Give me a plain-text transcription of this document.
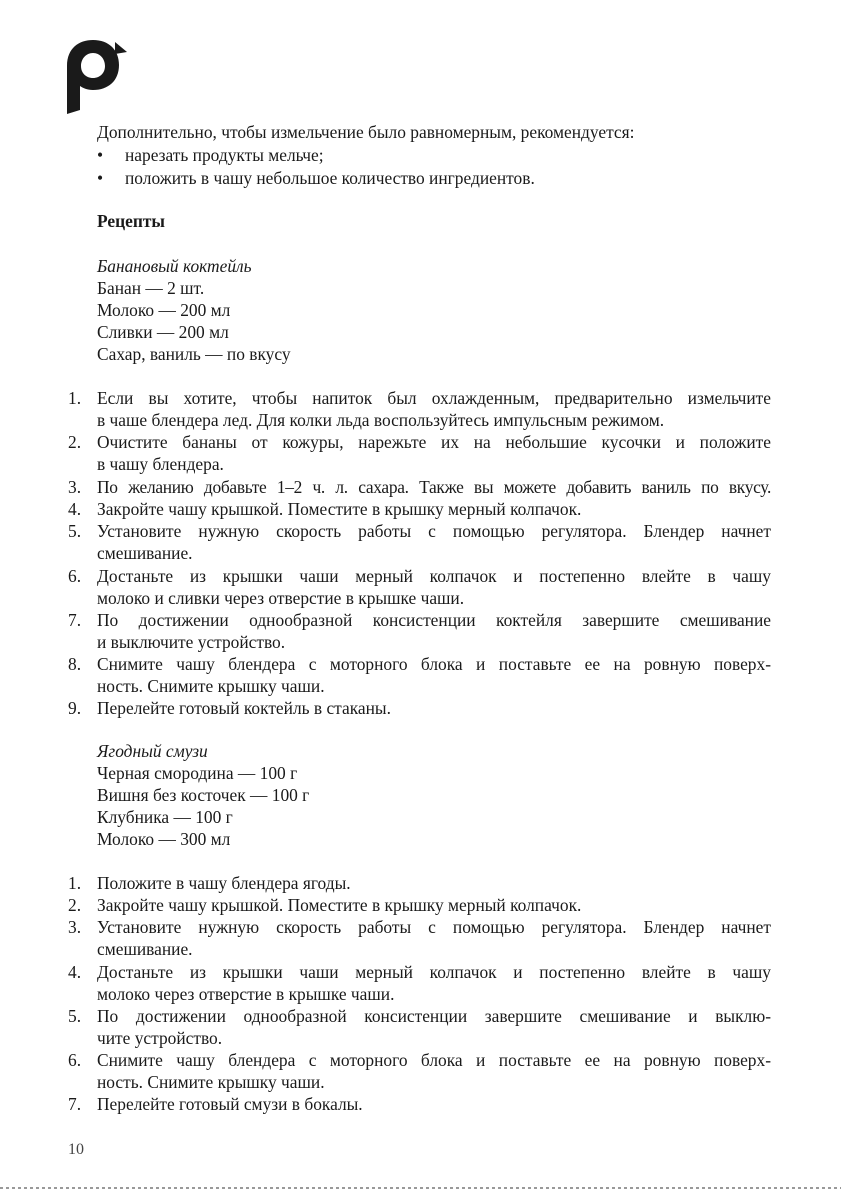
Дополнительно, чтобы измельчение было равномерным, рекомендуется:
• нарезать продукты мельче;
• положить в чашу небольшое количество ингредиентов.
Рецепты
Банановый коктейль
Банан — 2 шт.
Молоко — 200 мл
Сливки — 200 мл
Сахар, ваниль — по вкусу
1. Если вы хотите, чтобы напиток был охлажденным, предварительно измельчите
в чаше блендера лед. Для колки льда воспользуйтесь импульсным режимом.
2. Очистите бананы от кожуры, нарежьте их на небольшие кусочки и положите
в чашу блендера.
3. По желанию добавьте 1–2 ч. л. сахара. Также вы можете добавить ваниль по вкусу.
4. Закройте чашу крышкой. Поместите в крышку мерный колпачок.
5. Установите нужную скорость работы с помощью регулятора. Блендер начнет
смешивание.
6. Достаньте из крышки чаши мерный колпачок и постепенно влейте в чашу
молоко и сливки через отверстие в крышке чаши.
7. По достижении однообразной консистенции коктейля завершите смешивание
и выключите устройство.
8. Снимите чашу блендера с моторного блока и поставьте ее на ровную поверх-
ность. Снимите крышку чаши.
9. Перелейте готовый коктейль в стаканы.
Ягодный смузи
Черная смородина — 100 г
Вишня без косточек — 100 г
Клубника — 100 г
Молоко — 300 мл
1. Положите в чашу блендера ягоды.
2. Закройте чашу крышкой. Поместите в крышку мерный колпачок.
3. Установите нужную скорость работы с помощью регулятора. Блендер начнет
смешивание.
4. Достаньте из крышки чаши мерный колпачок и постепенно влейте в чашу
молоко через отверстие в крышке чаши.
5. По достижении однообразной консистенции завершите смешивание и выклю-
чите устройство.
6. Снимите чашу блендера с моторного блока и поставьте ее на ровную поверх-
ность. Снимите крышку чаши.
7. Перелейте готовый смузи в бокалы.
10
